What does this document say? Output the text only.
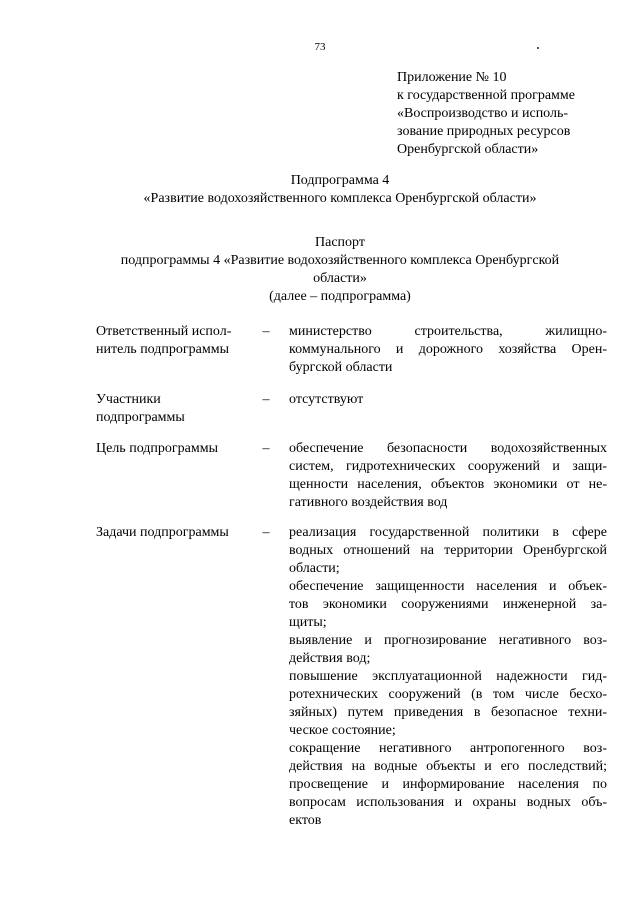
73
Приложение № 10
к государственной программе
«Воспроизводство и исполь-
зование природных ресурсов
Оренбургской области»
Подпрограмма 4
«Развитие водохозяйственного комплекса Оренбургской области»
Паспорт
подпрограммы 4 «Развитие водохозяйственного комплекса Оренбургской
области»
(далее – подпрограмма)
Ответственный испол-
нитель подпрограммы
– министерство строительства, жилищно-
коммунального и дорожного хозяйства Орен-
бургской области
Участники
подпрограммы
– отсутствуют
Цель подпрограммы	– обеспечение безопасности водохозяйственных
систем, гидротехнических сооружений и защи-
щенности населения, объектов экономики от не-
гативного воздействия вод
Задачи подпрограммы	– реализация государственной политики в сфере
водных отношений на территории Оренбургской
области;
обеспечение защищенности населения и объек-
тов экономики сооружениями инженерной за-
щиты;
выявление и прогнозирование негативного воз-
действия вод;
повышение эксплуатационной надежности гид-
ротехнических сооружений (в том числе бесхо-
зяйных) путем приведения в безопасное техни-
ческое состояние;
сокращение негативного антропогенного воз-
действия на водные объекты и его последствий;
просвещение и информирование населения по
вопросам использования и охраны водных объ-
ектов
